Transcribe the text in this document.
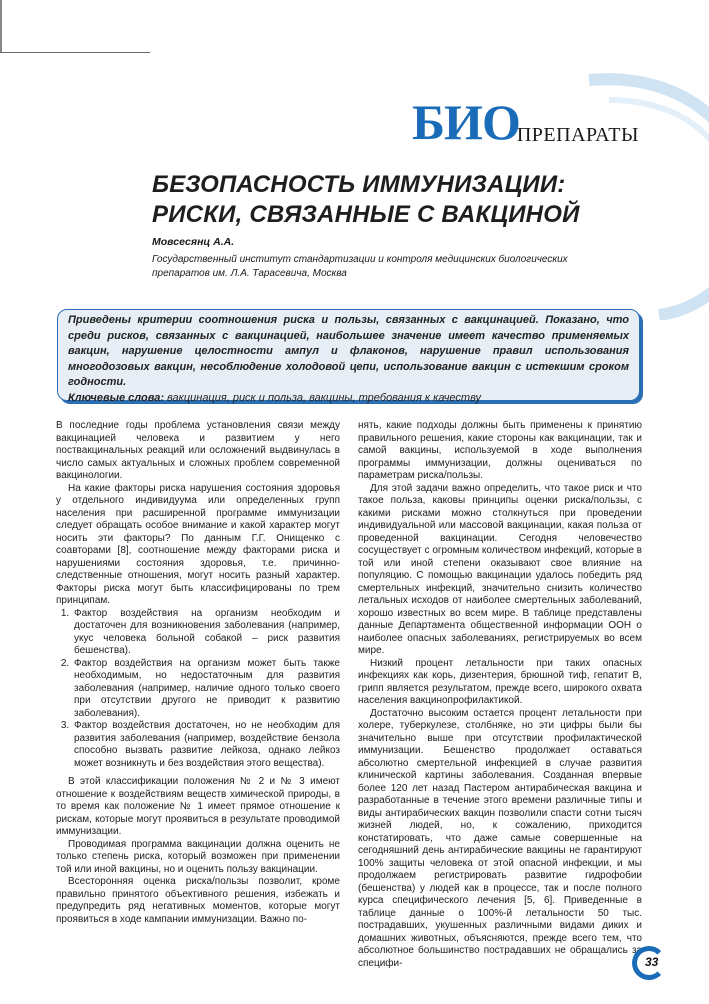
БИОПРЕПАРАТЫ
БЕЗОПАСНОСТЬ ИММУНИЗАЦИИ:
РИСКИ, СВЯЗАННЫЕ С ВАКЦИНОЙ
Мовсесянц А.А.
Государственный институт стандартизации и контроля медицинских биологических препаратов им. Л.А. Тарасевича, Москва
Приведены критерии соотношения риска и пользы, связанных с вакцинацией. Показано, что среди рисков, связанных с вакцинацией, наибольшее значение имеет качество применяемых вакцин, нарушение целостности ампул и флаконов, нарушение правил использования многодозовых вакцин, несоблюдение холодовой цепи, использование вакцин с истекшим сроком годности.
Ключевые слова: вакцинация, риск и польза, вакцины, требования к качеству

В последние годы проблема установления связи между вакцинацией человека и развитием у него поствакцинальных реакций или осложнений выдвинулась в число самых актуальных и сложных проблем современной вакцинологии.

На какие факторы риска нарушения состояния здоровья у отдельного индивидуума или определенных групп населения при расширенной программе иммунизации следует обращать особое внимание и какой характер могут носить эти факторы? По данным Г.Г. Онищенко с соавторами [8], соотношение между факторами риска и нарушениями состояния здоровья, т.е. причинно-следственные отношения, могут носить разный характер. Факторы риска могут быть классифицированы по трем принципам.

1. Фактор воздействия на организм необходим и достаточен для возникновения заболевания (например, укус человека больной собакой – риск развития бешенства).
2. Фактор воздействия на организм может быть также необходимым, но недостаточным для развития заболевания (например, наличие одного только своего при отсутствии другого не приводит к развитию заболевания).
3. Фактор воздействия достаточен, но не необходим для развития заболевания (например, воздействие бензола способно вызвать развитие лейкоза, однако лейкоз может возникнуть и без воздействия этого вещества).

В этой классификации положения № 2 и № 3 имеют отношение к воздействиям веществ химической природы, в то время как положение № 1 имеет прямое отношение к рискам, которые могут проявиться в результате проводимой иммунизации.

Проводимая программа вакцинации должна оценить не только степень риска, который возможен при применении той или иной вакцины, но и оценить пользу вакцинации.

Всесторонняя оценка риска/пользы позволит, кроме правильно принятого объективного решения, избежать и предупредить ряд негативных моментов, которые могут проявиться в ходе кампании иммунизации. Важно по-

нять, какие подходы должны быть применены к принятию правильного решения, какие стороны как вакцинации, так и самой вакцины, используемой в ходе выполнения программы иммунизации, должны оцениваться по параметрам риска/пользы.

Для этой задачи важно определить, что такое риск и что такое польза, каковы принципы оценки риска/пользы, с какими рисками можно столкнуться при проведении индивидуальной или массовой вакцинации, какая польза от проведенной вакцинации. Сегодня человечество сосуществует с огромным количеством инфекций, которые в той или иной степени оказывают свое влияние на популяцию. С помощью вакцинации удалось победить ряд смертельных инфекций, значительно снизить количество летальных исходов от наиболее смертельных заболеваний, хорошо известных во всем мире. В таблице представлены данные Департамента общественной информации ООН о наиболее опасных заболеваниях, регистрируемых во всем мире.

Низкий процент летальности при таких опасных инфекциях как корь, дизентерия, брюшной тиф, гепатит В, грипп является результатом, прежде всего, широкого охвата населения вакцинопрофилактикой.

Достаточно высоким остается процент летальности при холере, туберкулезе, столбняке, но эти цифры были бы значительно выше при отсутствии профилактической иммунизации. Бешенство продолжает оставаться абсолютно смертельной инфекцией в случае развития клинической картины заболевания. Созданная впервые более 120 лет назад Пастером антирабическая вакцина и разработанные в течение этого времени различные типы и виды антирабических вакцин позволили спасти сотни тысяч жизней людей, но, к сожалению, приходится констатировать, что даже самые совершенные на сегодняшний день антирабические вакцины не гарантируют 100% защиты человека от этой опасной инфекции, и мы продолжаем регистрировать развитие гидрофобии (бешенства) у людей как в процессе, так и после полного курса специфического лечения [5, 6]. Приведенные в таблице данные о 100%-й летальности 50 тыс. пострадавших, укушенных различными видами диких и домашних животных, объясняются, прежде всего тем, что абсолютное большинство пострадавших не обращались за специфи-	33
